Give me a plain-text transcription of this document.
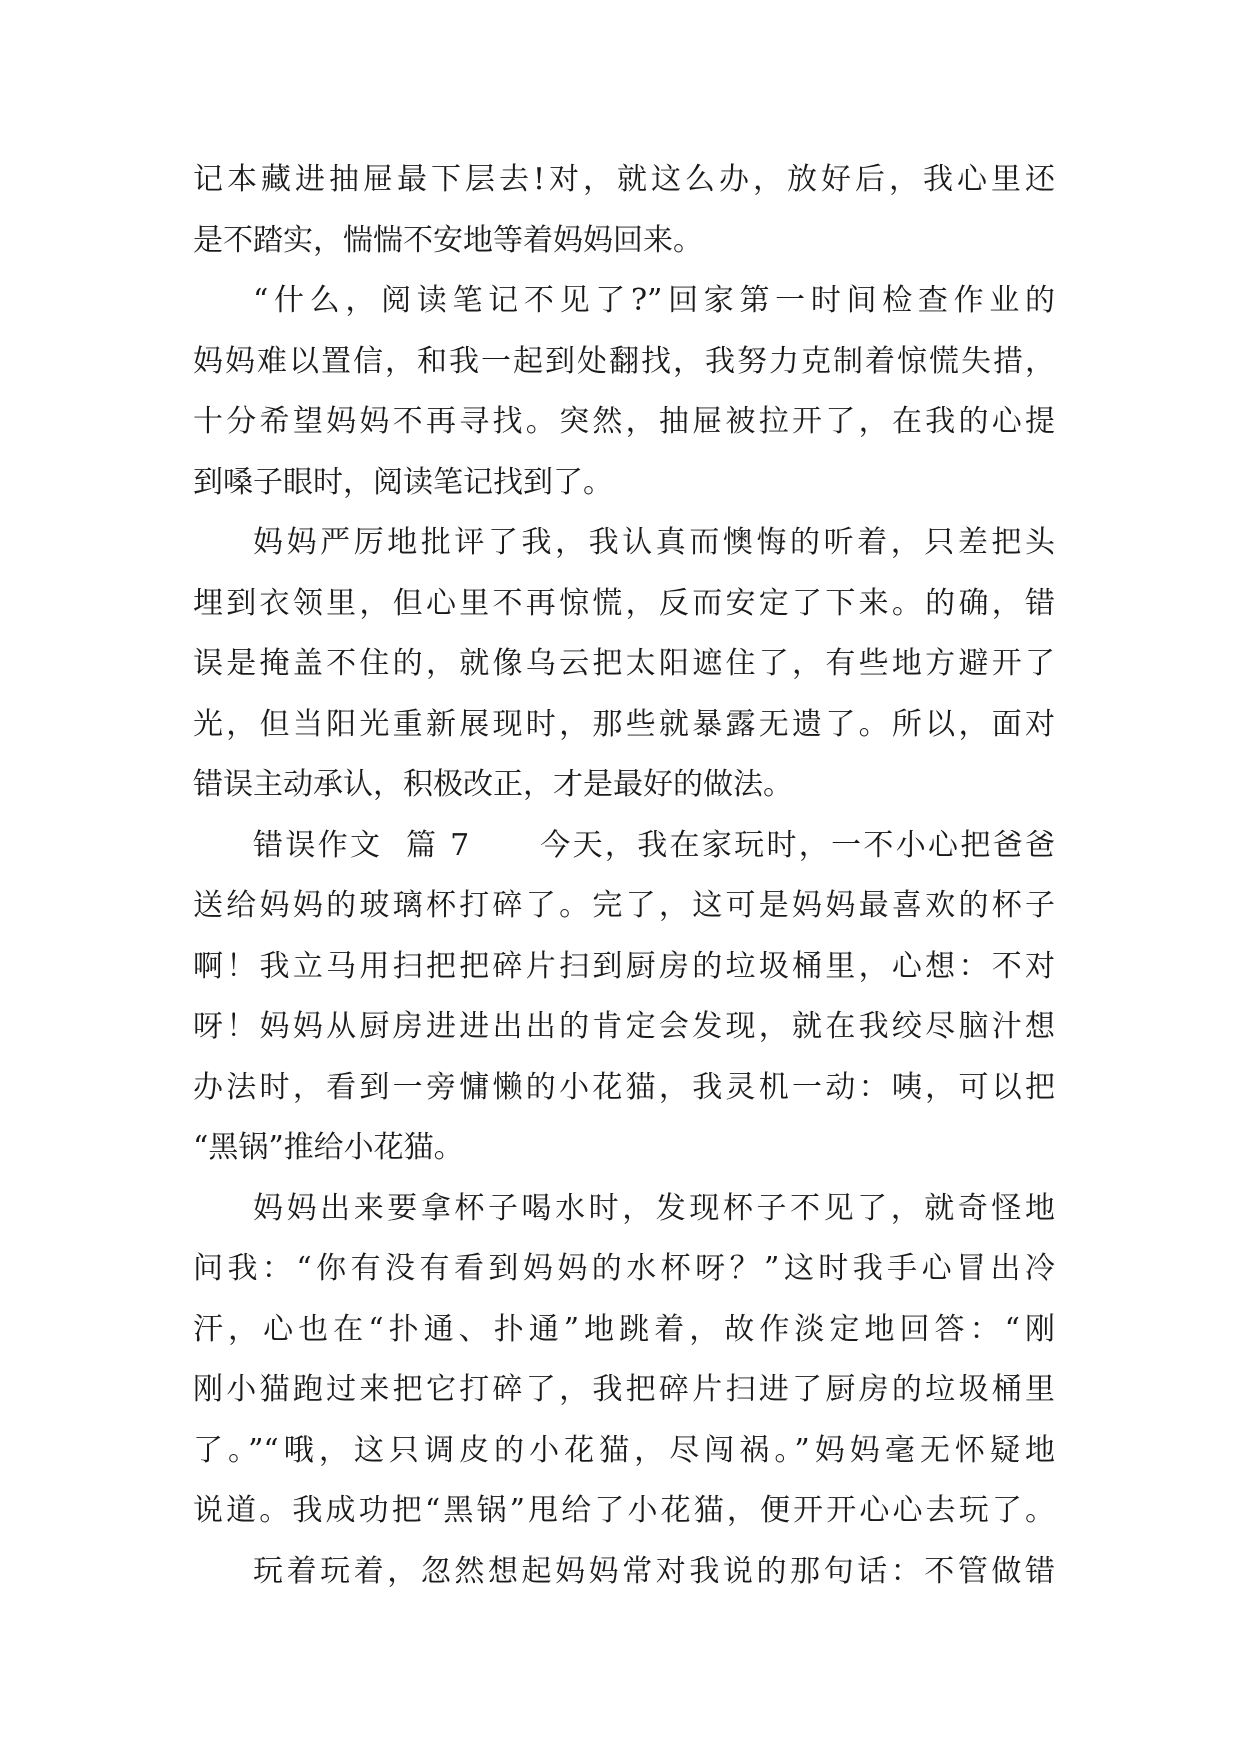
记本藏进抽屉最下层去!对，就这么办，放好后，我心里还
是不踏实，惴惴不安地等着妈妈回来。
“什么，阅读笔记不见了?”回家第一时间检查作业的
妈妈难以置信，和我一起到处翻找，我努力克制着惊慌失措，
十分希望妈妈不再寻找。突然，抽屉被拉开了，在我的心提
到嗓子眼时，阅读笔记找到了。
妈妈严厉地批评了我，我认真而懊悔的听着，只差把头
埋到衣领里，但心里不再惊慌，反而安定了下来。的确，错
误是掩盖不住的，就像乌云把太阳遮住了，有些地方避开了
光，但当阳光重新展现时，那些就暴露无遗了。所以，面对
错误主动承认，积极改正，才是最好的做法。
错误作文  篇 7      今天，我在家玩时，一不小心把爸爸
送给妈妈的玻璃杯打碎了。完了，这可是妈妈最喜欢的杯子
啊！我立马用扫把把碎片扫到厨房的垃圾桶里，心想：不对
呀！妈妈从厨房进进出出的肯定会发现，就在我绞尽脑汁想
办法时，看到一旁慵懒的小花猫，我灵机一动：咦，可以把
“黑锅”推给小花猫。
妈妈出来要拿杯子喝水时，发现杯子不见了，就奇怪地
问我：“你有没有看到妈妈的水杯呀？”这时我手心冒出冷
汗，心也在“扑通、扑通”地跳着，故作淡定地回答：“刚
刚小猫跑过来把它打碎了，我把碎片扫进了厨房的垃圾桶里
了。”“哦，这只调皮的小花猫，尽闯祸。”妈妈毫无怀疑地
说道。我成功把“黑锅”甩给了小花猫，便开开心心去玩了。
玩着玩着，忽然想起妈妈常对我说的那句话：不管做错
